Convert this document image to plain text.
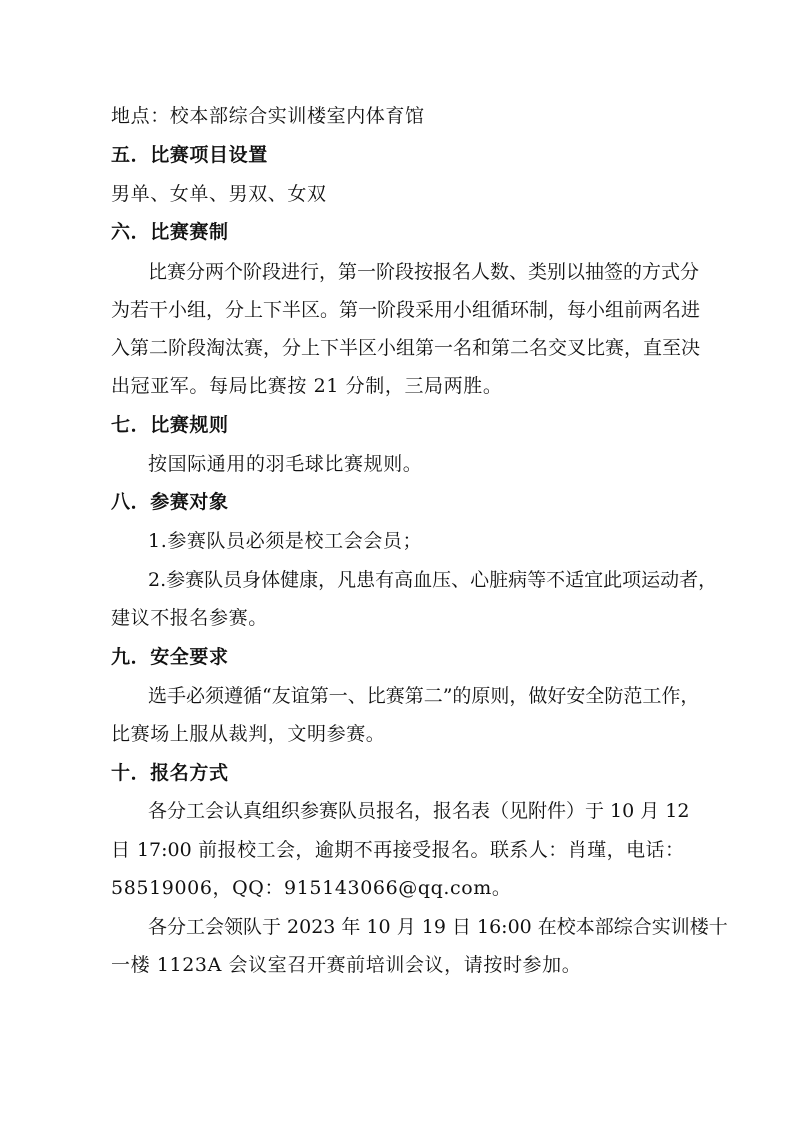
地点：校本部综合实训楼室内体育馆
五．比赛项目设置
男单、女单、男双、女双
六．比赛赛制
比赛分两个阶段进行，第一阶段按报名人数、类别以抽签的方式分
为若干小组，分上下半区。第一阶段采用小组循环制，每小组前两名进
入第二阶段淘汰赛，分上下半区小组第一名和第二名交叉比赛，直至决
出冠亚军。每局比赛按 21 分制，三局两胜。
七．比赛规则
按国际通用的羽毛球比赛规则。
八．参赛对象
1.参赛队员必须是校工会会员；
2.参赛队员身体健康，凡患有高血压、心脏病等不适宜此项运动者，
建议不报名参赛。
九．安全要求
选手必须遵循“友谊第一、比赛第二”的原则，做好安全防范工作，
比赛场上服从裁判，文明参赛。
十．报名方式
各分工会认真组织参赛队员报名，报名表（见附件）于 10 月 12
日 17:00 前报校工会，逾期不再接受报名。联系人：肖瑾，电话：
58519006，QQ：915143066@qq.com。
各分工会领队于 2023 年 10 月 19 日 16:00 在校本部综合实训楼十
一楼 1123A 会议室召开赛前培训会议，请按时参加。
